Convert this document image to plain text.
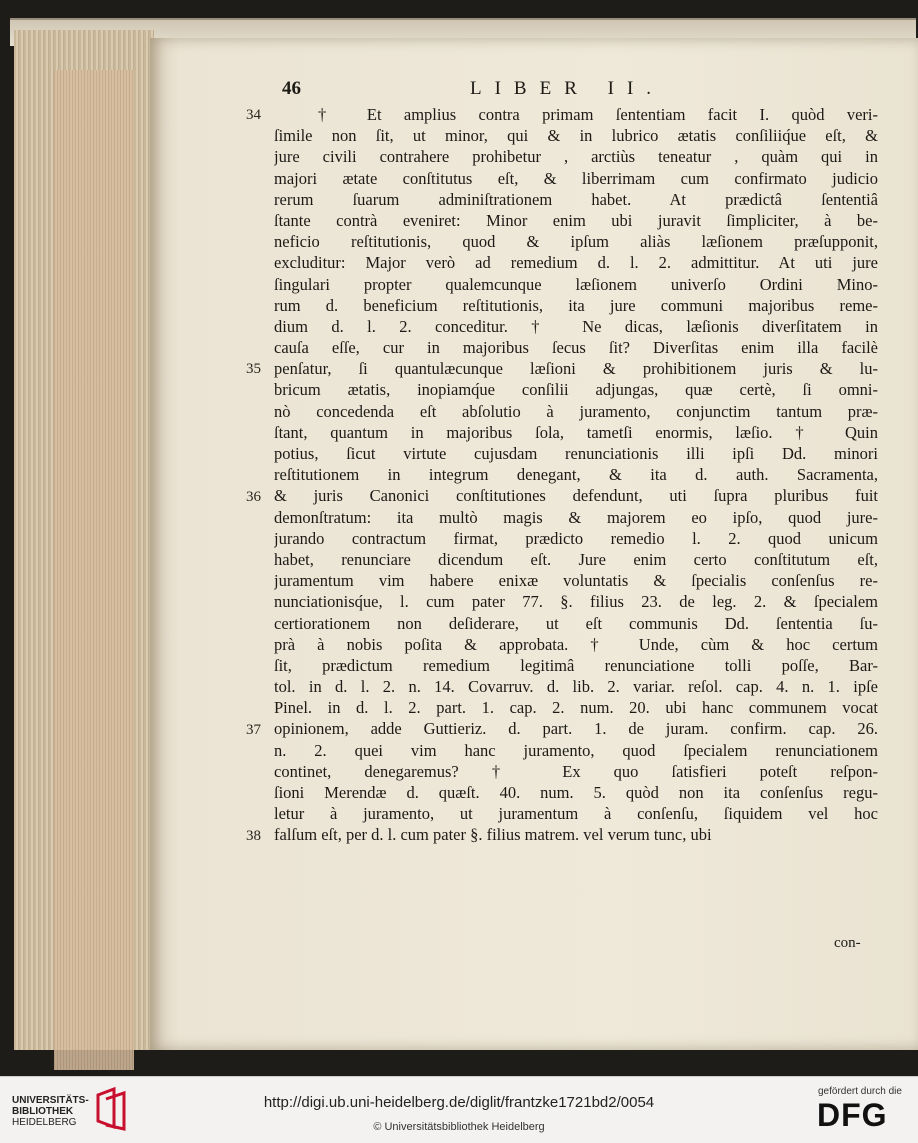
46	LIBER II.
34
35
36
37
38
† Et amplius contra primam ſententiam facit I. quòd veri-
ſimile non ſit, ut minor, qui & in lubrico ætatis conſiliiq́ue eſt, &
jure civili contrahere prohibetur , arctiùs teneatur , quàm qui in
majori ætate conſtitutus eſt, & liberrimam cum confirmato judicio
rerum ſuarum adminiſtrationem habet. At prædictâ ſententiâ
ſtante contrà eveniret: Minor enim ubi juravit ſimpliciter, à be-
neficio reſtitutionis, quod & ipſum aliàs læſionem præſupponit,
excluditur: Major verò ad remedium d. l. 2. admittitur. At uti jure
ſingulari propter qualemcunque læſionem univerſo Ordini Mino-
rum d. beneficium reſtitutionis, ita jure communi majoribus reme-
dium d. l. 2. conceditur. † Ne dicas, læſionis diverſitatem in
cauſa eſſe, cur in majoribus ſecus ſit? Diverſitas enim illa facilè
penſatur, ſi quantulæcunque læſioni & prohibitionem juris & lu-
bricum ætatis, inopiamq́ue conſilii adjungas, quæ certè, ſi omni-
nò concedenda eſt abſolutio à juramento, conjunctim tantum præ-
ſtant, quantum in majoribus ſola, tametſi enormis, læſio. † Quin
potius, ſicut virtute cujusdam renunciationis illi ipſi Dd. minori
reſtitutionem in integrum denegant, & ita d. auth. Sacramenta,
& juris Canonici conſtitutiones defendunt, uti ſupra pluribus fuit
demonſtratum: ita multò magis & majorem eo ipſo, quod jure-
jurando contractum firmat, prædicto remedio l. 2. quod unicum
habet, renunciare dicendum eſt. Jure enim certo conſtitutum eſt,
juramentum vim habere enixæ voluntatis & ſpecialis conſenſus re-
nunciationisq́ue, l. cum pater 77. §. filius 23. de leg. 2. & ſpecialem
certiorationem non deſiderare, ut eſt communis Dd. ſententia ſu-
prà à nobis poſita & approbata. † Unde, cùm & hoc certum
ſit, prædictum remedium legitimâ renunciatione tolli poſſe, Bar-
tol. in d. l. 2. n. 14. Covarruv. d. lib. 2. variar. reſol. cap. 4. n. 1. ipſe
Pinel. in d. l. 2. part. 1. cap. 2. num. 20. ubi hanc communem vocat
opinionem, adde Guttieriz. d. part. 1. de juram. confirm. cap. 26.
n. 2. quei vim hanc juramento, quod ſpecialem renunciationem
continet, denegaremus? † Ex quo ſatisfieri poteſt reſpon-
ſioni Merendæ d. quæſt. 40. num. 5. quòd non ita conſenſus regu-
letur à juramento, ut juramentum à conſenſu, ſiquidem vel hoc
falſum eſt, per d. l. cum pater §. filius matrem. vel verum tunc, ubi
con-
UNIVERSITÄTS-
BIBLIOTHEK
HEIDELBERG
http://digi.ub.uni-heidelberg.de/diglit/frantzke1721bd2/0054
© Universitätsbibliothek Heidelberg
gefördert durch die
DFG
